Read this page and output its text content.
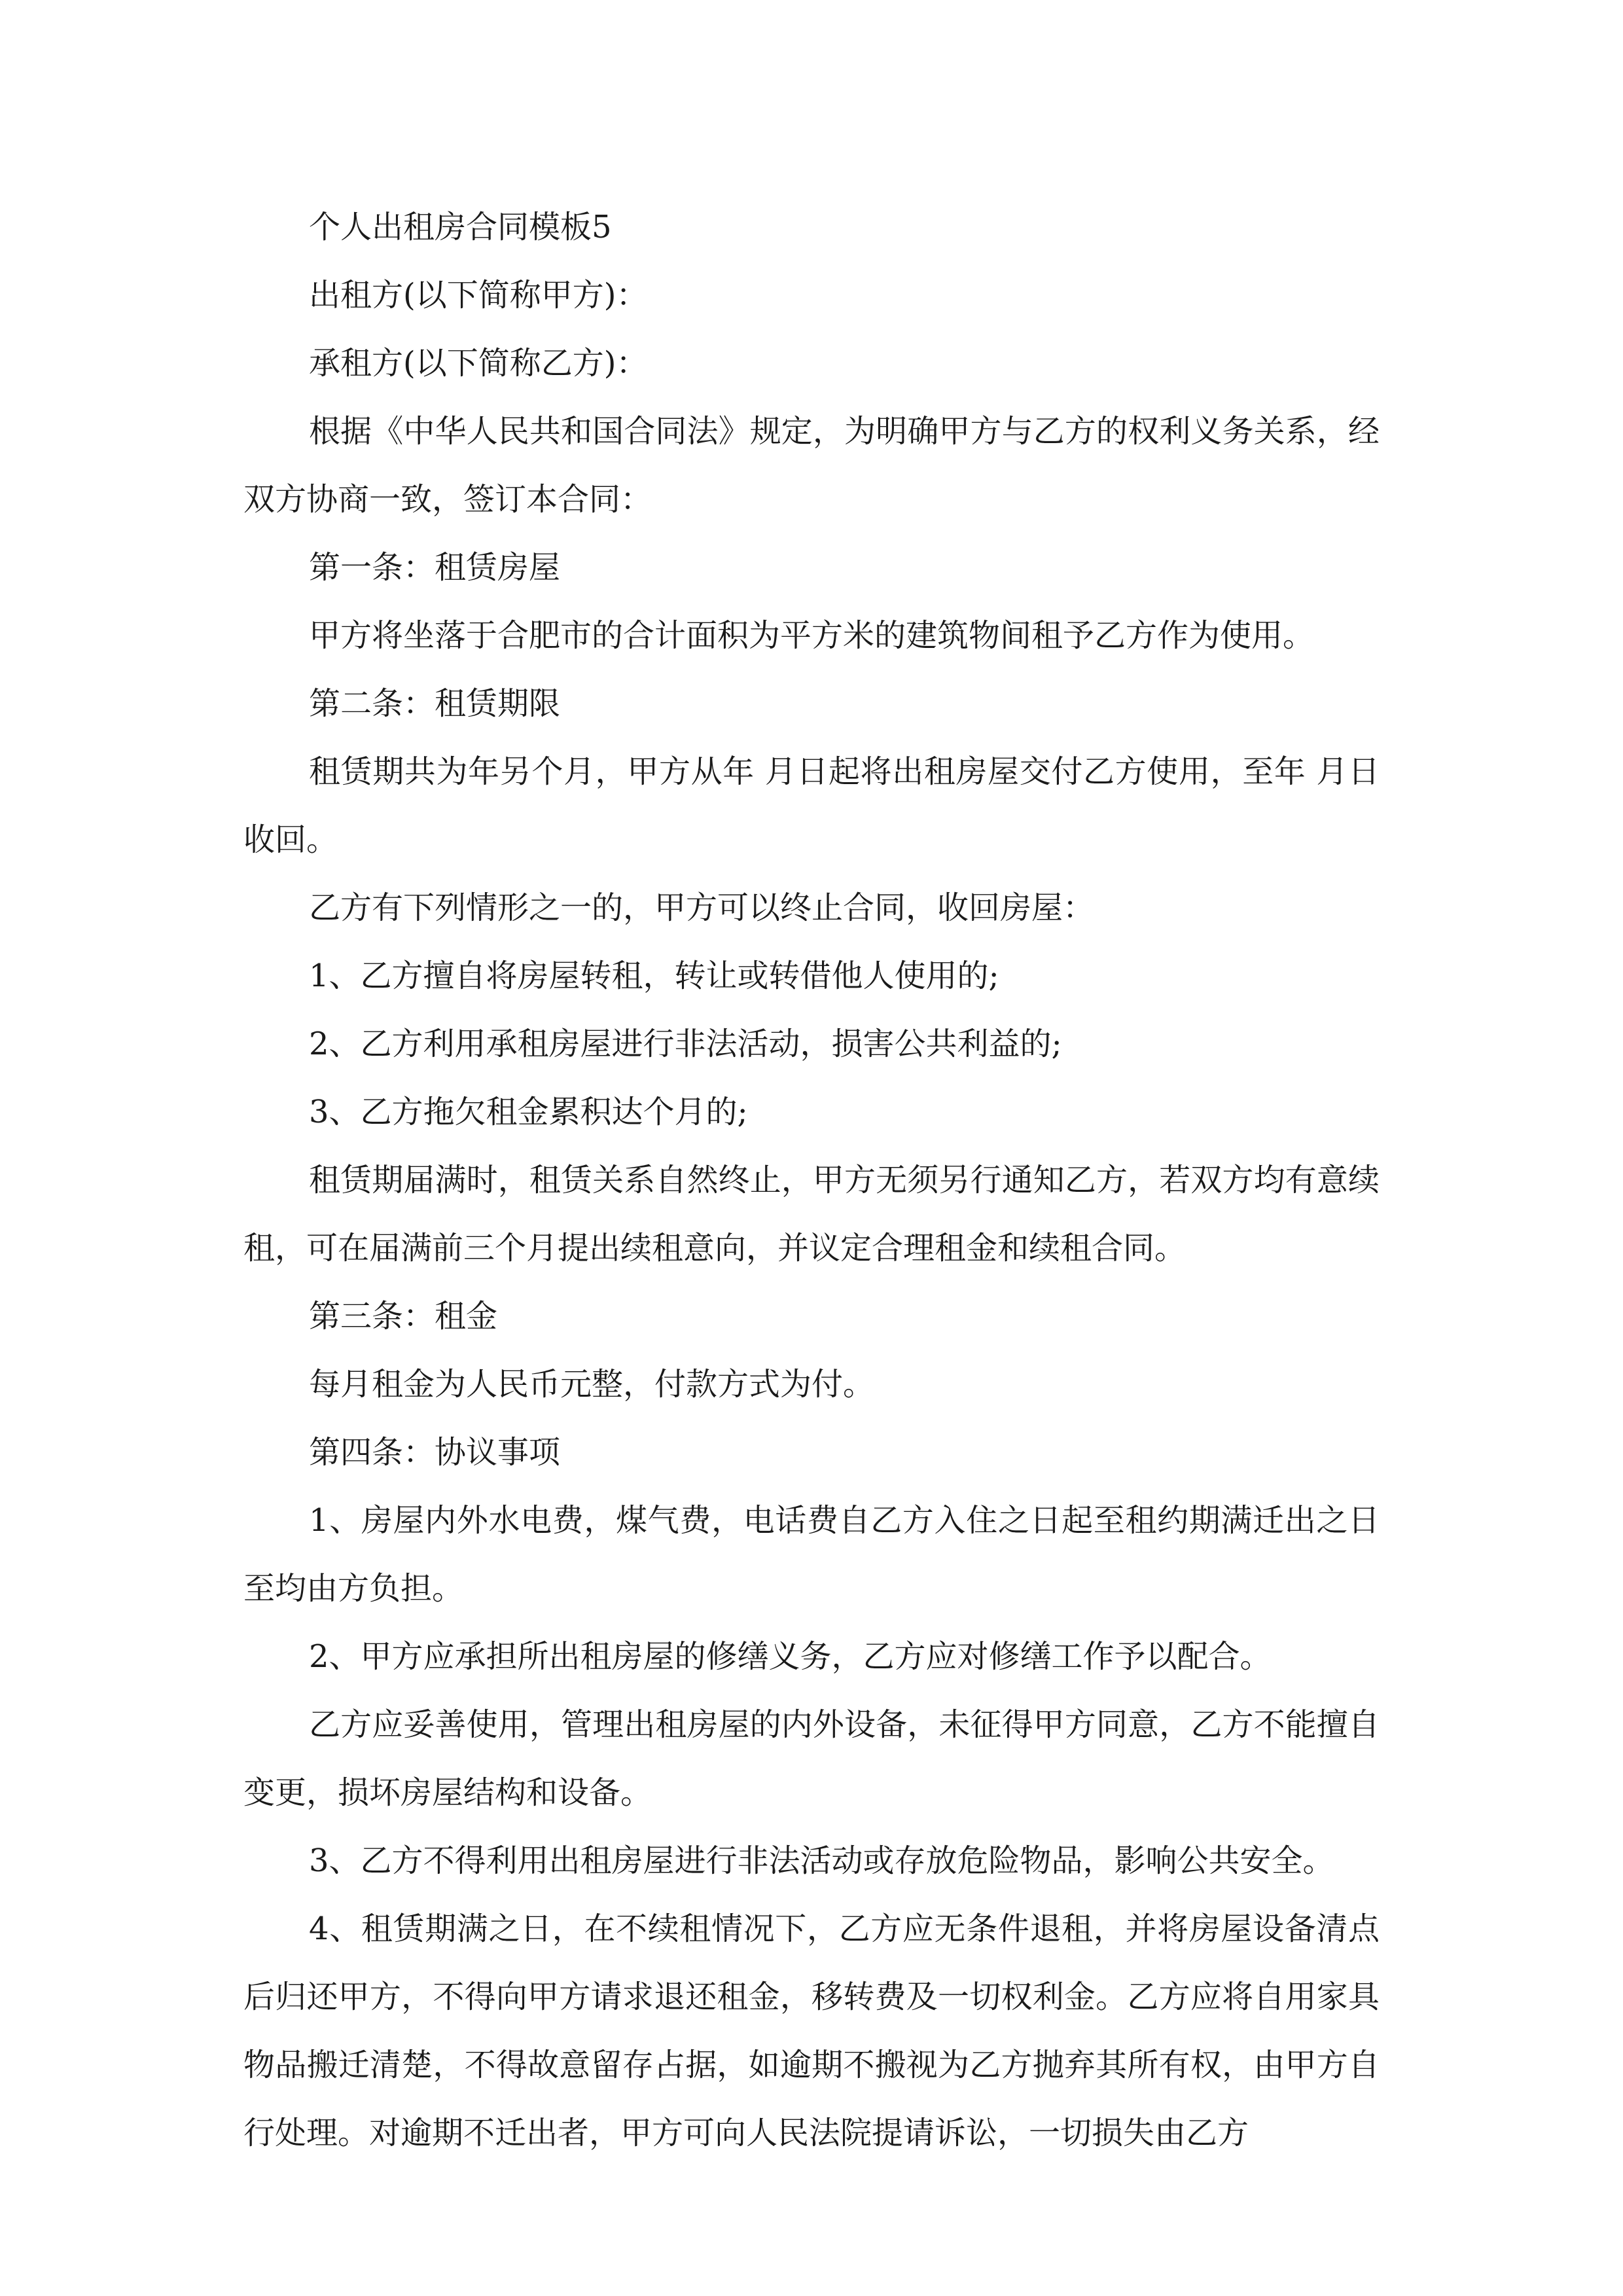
个人出租房合同模板5

出租方(以下简称甲方)：

承租方(以下简称乙方)：

根据《中华人民共和国合同法》规定，为明确甲方与乙方的权利义务关系，经双方协商一致，签订本合同：

第一条：租赁房屋

甲方将坐落于合肥市的合计面积为平方米的建筑物间租予乙方作为使用。

第二条：租赁期限

租赁期共为年另个月，甲方从年 月日起将出租房屋交付乙方使用，至年 月日收回。

乙方有下列情形之一的，甲方可以终止合同，收回房屋：

1、乙方擅自将房屋转租，转让或转借他人使用的;

2、乙方利用承租房屋进行非法活动，损害公共利益的;

3、乙方拖欠租金累积达个月的;

租赁期届满时，租赁关系自然终止，甲方无须另行通知乙方，若双方均有意续租，可在届满前三个月提出续租意向，并议定合理租金和续租合同。

第三条：租金

每月租金为人民币元整，付款方式为付。

第四条：协议事项

1、房屋内外水电费，煤气费，电话费自乙方入住之日起至租约期满迁出之日至均由方负担。

2、甲方应承担所出租房屋的修缮义务，乙方应对修缮工作予以配合。

乙方应妥善使用，管理出租房屋的内外设备，未征得甲方同意，乙方不能擅自变更，损坏房屋结构和设备。

3、乙方不得利用出租房屋进行非法活动或存放危险物品，影响公共安全。

4、租赁期满之日，在不续租情况下，乙方应无条件退租，并将房屋设备清点后归还甲方，不得向甲方请求退还租金，移转费及一切权利金。乙方应将自用家具物品搬迁清楚，不得故意留存占据，如逾期不搬视为乙方抛弃其所有权，由甲方自行处理。对逾期不迁出者，甲方可向人民法院提请诉讼，一切损失由乙方
